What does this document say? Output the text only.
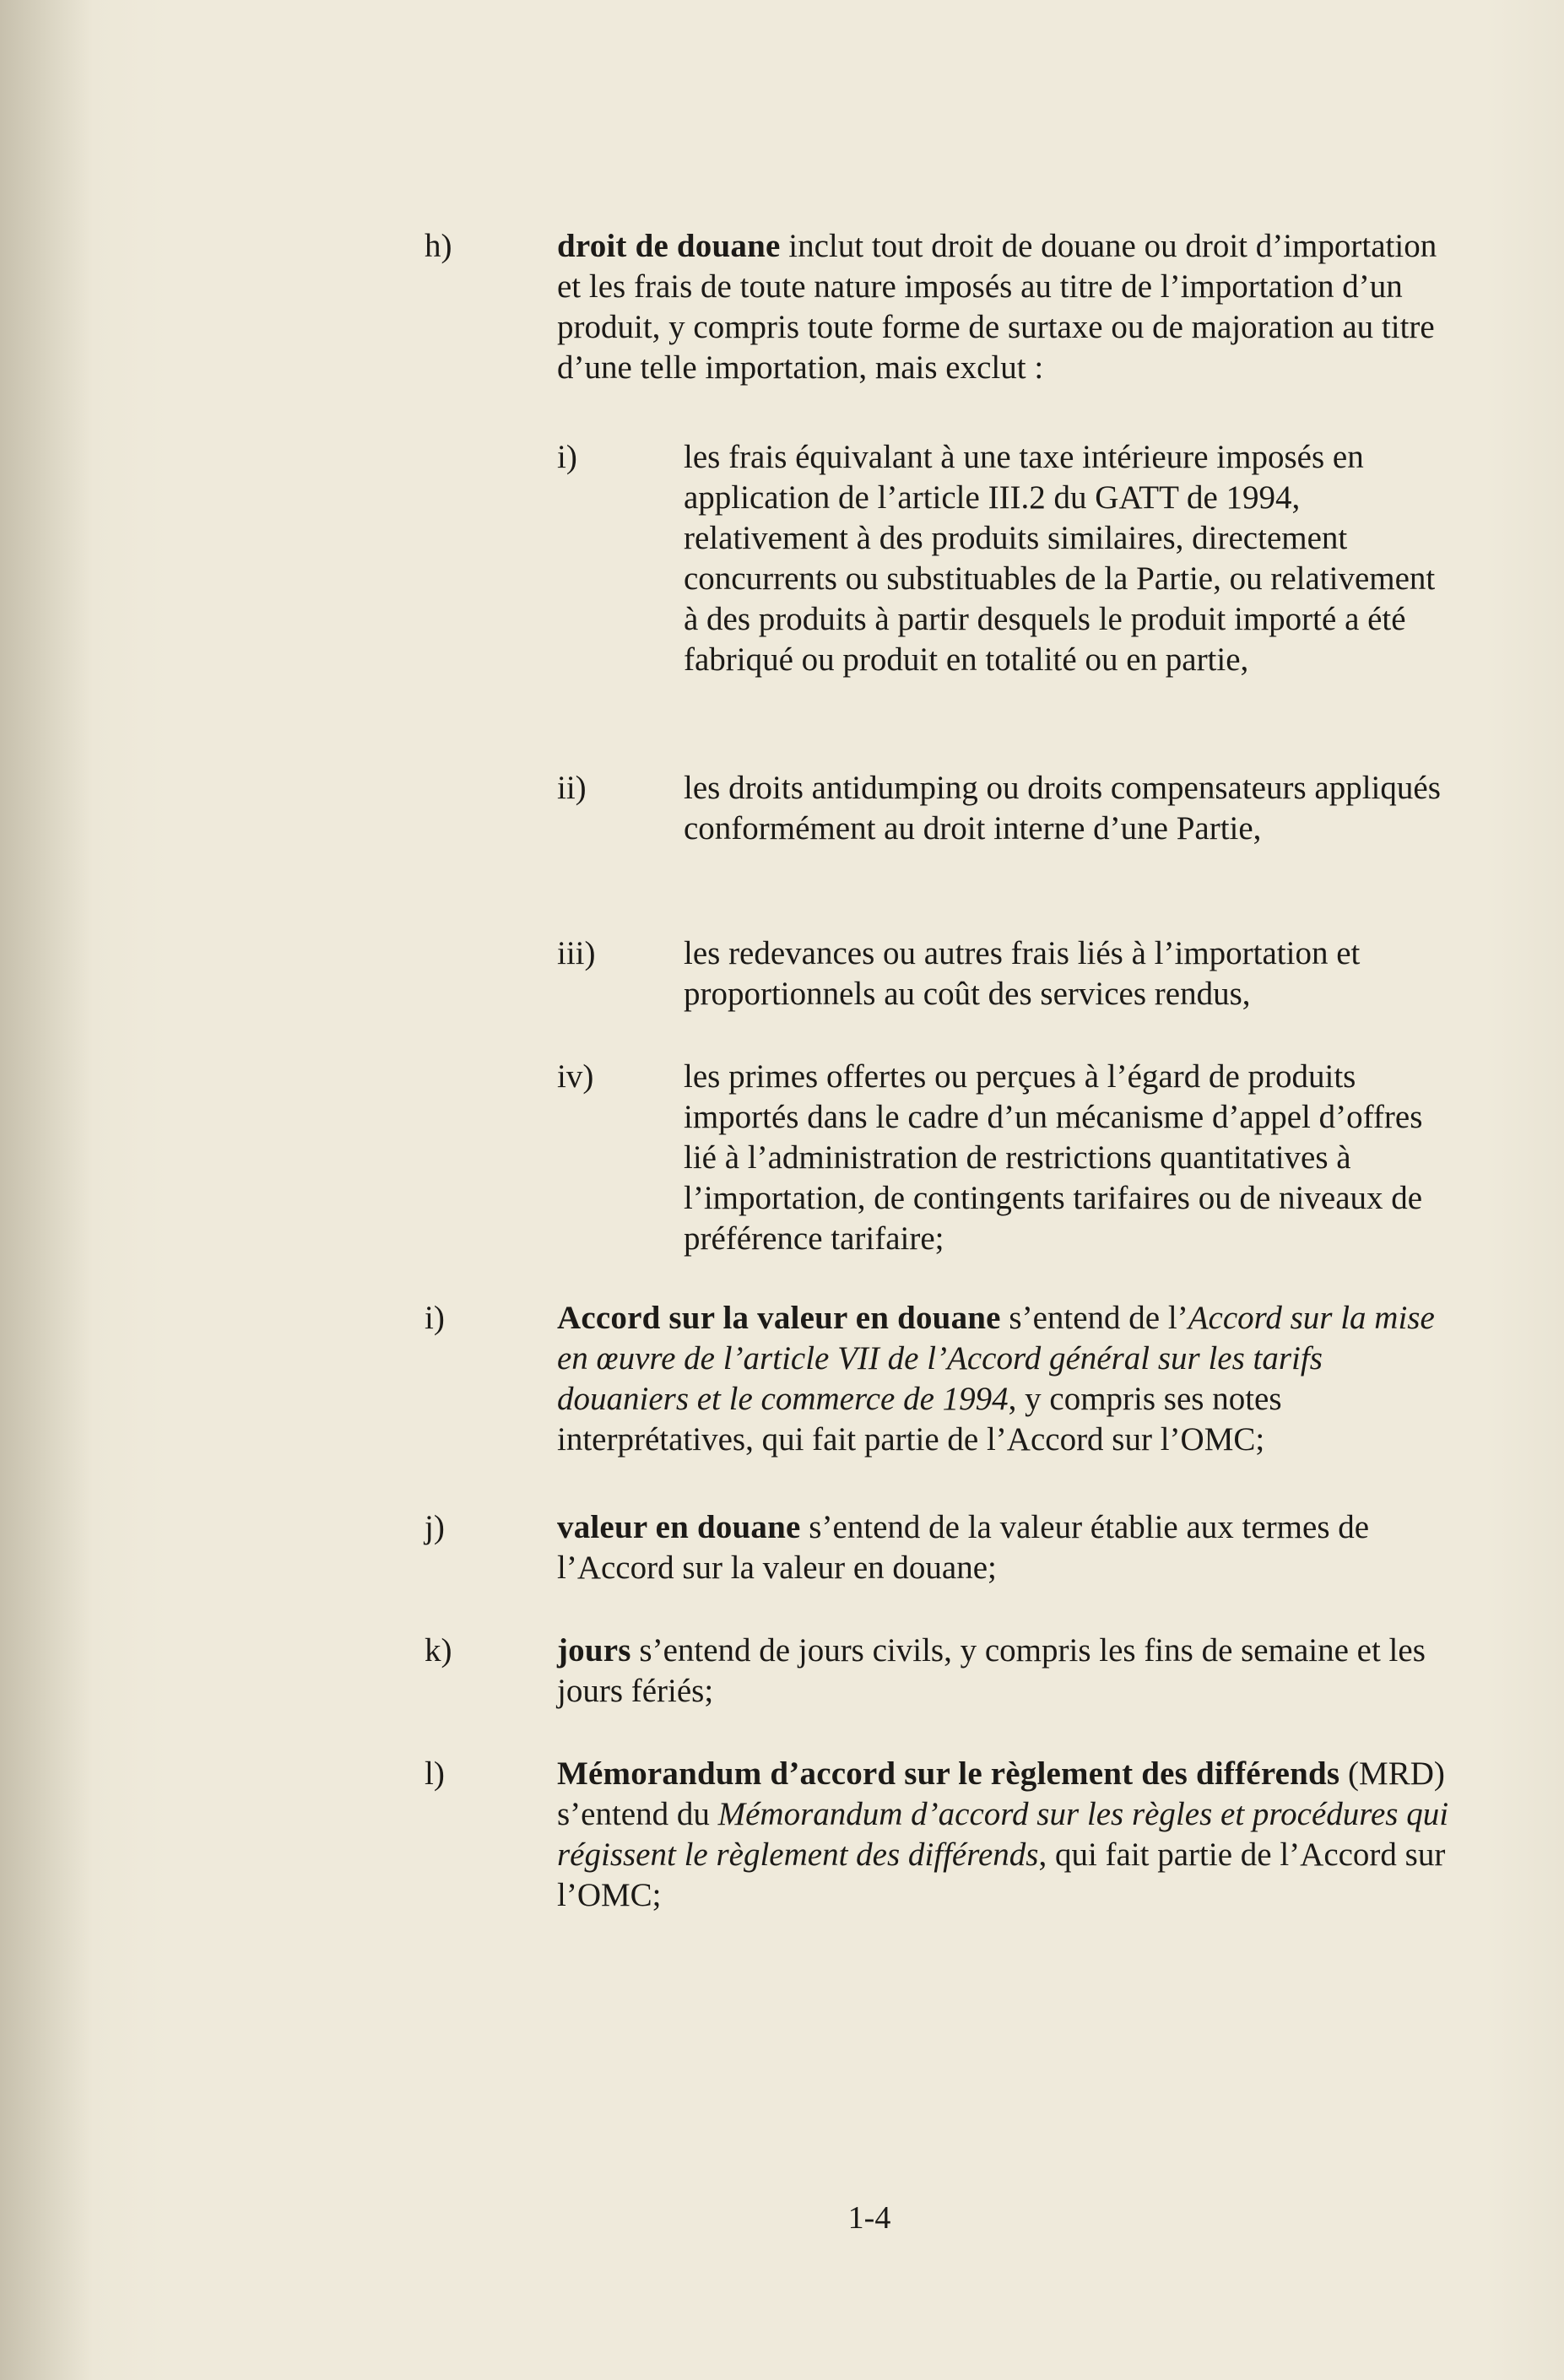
h)	droit de douane inclut tout droit de douane ou droit d’importation et les frais de toute nature imposés au titre de l’importation d’un produit, y compris toute forme de surtaxe ou de majoration au titre d’une telle importation, mais exclut :
i)	les frais équivalant à une taxe intérieure imposés en application de l’article III.2 du GATT de 1994, relativement à des produits similaires, directement concurrents ou substituables de la Partie, ou relativement à des produits à partir desquels le produit importé a été fabriqué ou produit en totalité ou en partie,
ii)	les droits antidumping ou droits compensateurs appliqués conformément au droit interne d’une Partie,
iii)	les redevances ou autres frais liés à l’importation et proportionnels au coût des services rendus,
iv)	les primes offertes ou perçues à l’égard de produits importés dans le cadre d’un mécanisme d’appel d’offres lié à l’administration de restrictions quantitatives à l’importation, de contingents tarifaires ou de niveaux de préférence tarifaire;
i)	Accord sur la valeur en douane s’entend de l’Accord sur la mise en œuvre de l’article VII de l’Accord général sur les tarifs douaniers et le commerce de 1994, y compris ses notes interprétatives, qui fait partie de l’Accord sur l’OMC;
j)	valeur en douane s’entend de la valeur établie aux termes de l’Accord sur la valeur en douane;
k)	jours s’entend de jours civils, y compris les fins de semaine et les jours fériés;
l)	Mémorandum d’accord sur le règlement des différends (MRD) s’entend du Mémorandum d’accord sur les règles et procédures qui régissent le règlement des différends, qui fait partie de l’Accord sur l’OMC;
1-4
